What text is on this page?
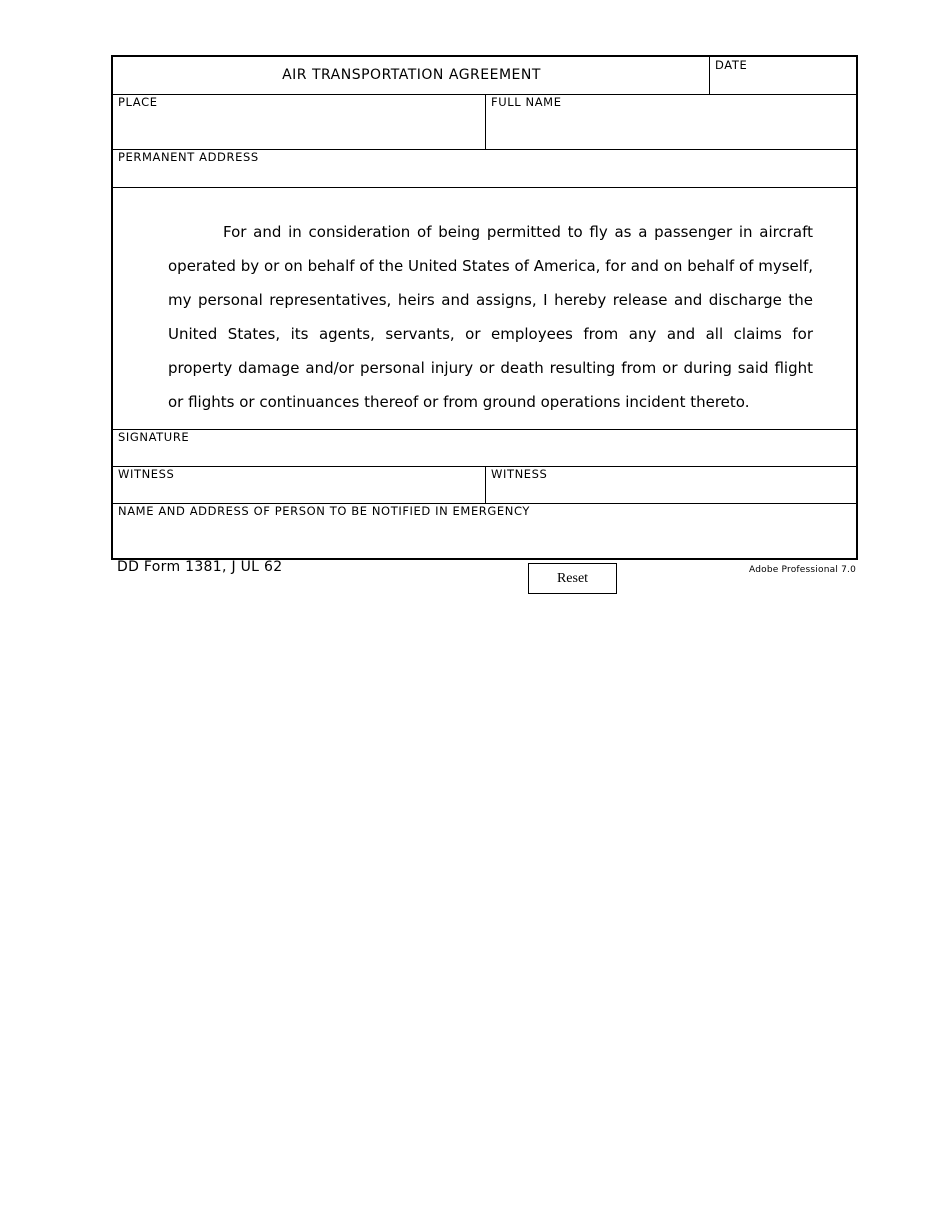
AIR TRANSPORTATION AGREEMENT
DATE
PLACE	FULL NAME
PERMANENT ADDRESS
For and in consideration of being permitted to fly as a passenger in aircraft operated by or on behalf of the United States of America, for and on behalf of myself, my personal representatives, heirs and assigns, I hereby release and discharge the United States, its agents, servants, or employees from any and all claims for property damage and/or personal injury or death resulting from or during said flight or flights or continuances thereof or from ground operations incident thereto.
SIGNATURE
WITNESS	WITNESS
NAME AND ADDRESS OF PERSON TO BE NOTIFIED IN EMERGENCY
DD Form 1381, J UL 62
Reset
Adobe Professional 7.0
